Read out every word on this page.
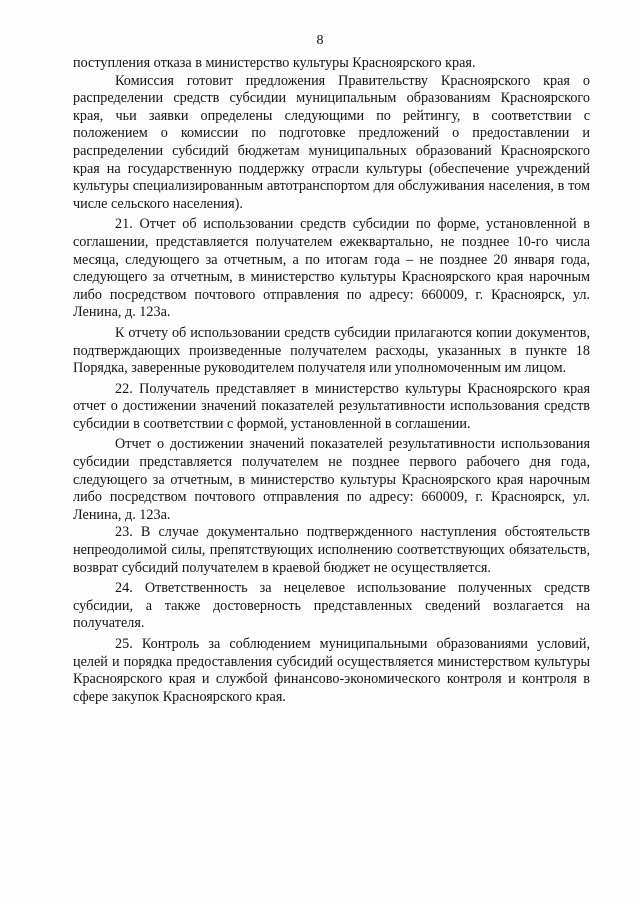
8

поступления отказа в министерство культуры Красноярского края.

Комиссия готовит предложения Правительству Красноярского края о распределении средств субсидии муниципальным образованиям Красноярского края, чьи заявки определены следующими по рейтингу, в соответствии с положением о комиссии по подготовке предложений о предоставлении и распределении субсидий бюджетам муниципальных образований Красноярского края на государственную поддержку отрасли культуры (обеспечение учреждений культуры специализированным автотранспортом для обслуживания населения, в том числе сельского населения).

21. Отчет об использовании средств субсидии по форме, установленной в соглашении, представляется получателем ежеквартально, не позднее 10-го числа месяца, следующего за отчетным, а по итогам года – не позднее 20 января года, следующего за отчетным, в министерство культуры Красноярского края нарочным либо посредством почтового отправления по адресу: 660009, г. Красноярск, ул. Ленина, д. 123а.

К отчету об использовании средств субсидии прилагаются копии документов, подтверждающих произведенные получателем расходы, указанных в пункте 18 Порядка, заверенные руководителем получателя или уполномоченным им лицом.

22. Получатель представляет в министерство культуры Красноярского края отчет о достижении значений показателей результативности использования средств субсидии в соответствии с формой, установленной в соглашении.

Отчет о достижении значений показателей результативности использования субсидии представляется получателем не позднее первого рабочего дня года, следующего за отчетным, в министерство культуры Красноярского края нарочным либо посредством почтового отправления по адресу: 660009, г. Красноярск, ул. Ленина, д. 123а.

23. В случае документально подтвержденного наступления обстоятельств непреодолимой силы, препятствующих исполнению соответствующих обязательств, возврат субсидий получателем в краевой бюджет не осуществляется.

24. Ответственность за нецелевое использование полученных средств субсидии, а также достоверность представленных сведений возлагается на получателя.

25. Контроль за соблюдением муниципальными образованиями условий, целей и порядка предоставления субсидий осуществляется министерством культуры Красноярского края и службой финансово-экономического контроля и контроля в сфере закупок Красноярского края.
